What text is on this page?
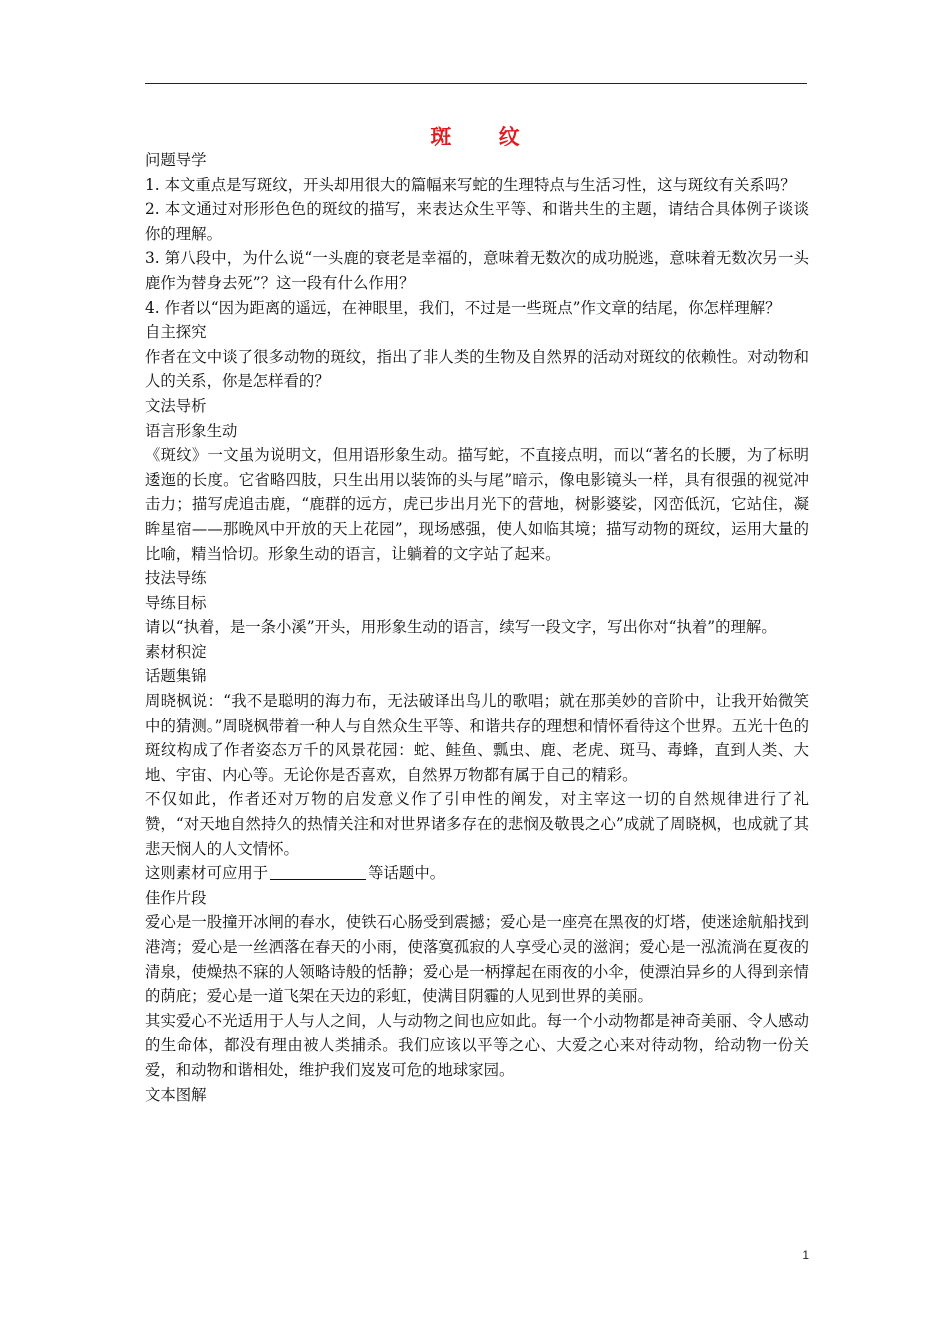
斑 纹

问题导学

1. 本文重点是写斑纹，开头却用很大的篇幅来写蛇的生理特点与生活习性，这与斑纹有关系吗？

2. 本文通过对形形色色的斑纹的描写，来表达众生平等、和谐共生的主题，请结合具体例子谈谈你的理解。

3. 第八段中，为什么说“一头鹿的衰老是幸福的，意味着无数次的成功脱逃，意味着无数次另一头鹿作为替身去死”？这一段有什么作用？

4. 作者以“因为距离的遥远，在神眼里，我们，不过是一些斑点”作文章的结尾，你怎样理解？

自主探究

作者在文中谈了很多动物的斑纹，指出了非人类的生物及自然界的活动对斑纹的依赖性。对动物和人的关系，你是怎样看的？

文法导析

语言形象生动

《斑纹》一文虽为说明文，但用语形象生动。描写蛇，不直接点明，而以“著名的长腰，为了标明逶迤的长度。它省略四肢，只生出用以装饰的头与尾”暗示，像电影镜头一样，具有很强的视觉冲击力；描写虎追击鹿，“鹿群的远方，虎已步出月光下的营地，树影婆娑，冈峦低沉，它站住，凝眸星宿——那晚风中开放的天上花园”，现场感强，使人如临其境；描写动物的斑纹，运用大量的比喻，精当恰切。形象生动的语言，让躺着的文字站了起来。

技法导练

导练目标

请以“执着，是一条小溪”开头，用形象生动的语言，续写一段文字，写出你对“执着”的理解。

素材积淀

话题集锦

周晓枫说：“我不是聪明的海力布，无法破译出鸟儿的歌唱；就在那美妙的音阶中，让我开始微笑中的猜测。”周晓枫带着一种人与自然众生平等、和谐共存的理想和情怀看待这个世界。五光十色的斑纹构成了作者姿态万千的风景花园：蛇、鲑鱼、瓢虫、鹿、老虎、斑马、毒蜂，直到人类、大地、宇宙、内心等。无论你是否喜欢，自然界万物都有属于自己的精彩。

不仅如此，作者还对万物的启发意义作了引申性的阐发，对主宰这一切的自然规律进行了礼赞，“对天地自然持久的热情关注和对世界诸多存在的悲悯及敬畏之心”成就了周晓枫，也成就了其悲天悯人的人文情怀。

这则素材可应用于	等话题中。

佳作片段

爱心是一股撞开冰闸的春水，使铁石心肠受到震撼；爱心是一座亮在黑夜的灯塔，使迷途航船找到港湾；爱心是一丝洒落在春天的小雨，使落寞孤寂的人享受心灵的滋润；爱心是一泓流淌在夏夜的清泉，使燥热不寐的人领略诗般的恬静；爱心是一柄撑起在雨夜的小伞，使漂泊异乡的人得到亲情的荫庇；爱心是一道飞架在天边的彩虹，使满目阴霾的人见到世界的美丽。

其实爱心不光适用于人与人之间，人与动物之间也应如此。每一个小动物都是神奇美丽、令人感动的生命体，都没有理由被人类捕杀。我们应该以平等之心、大爱之心来对待动物，给动物一份关爱，和动物和谐相处，维护我们岌岌可危的地球家园。

文本图解

1
